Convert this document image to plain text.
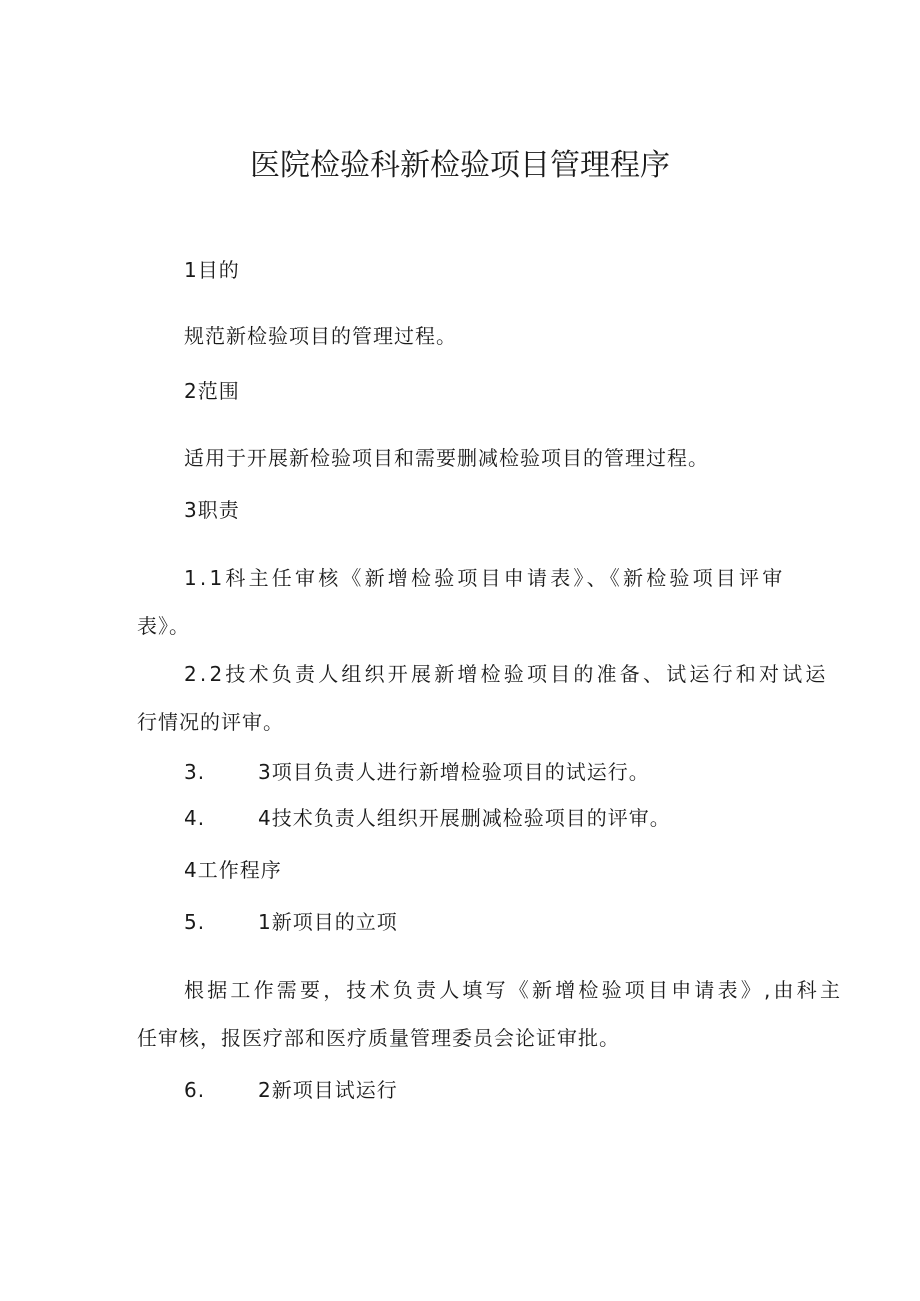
医院检验科新检验项目管理程序
1目的
规范新检验项目的管理过程。
2范围
适用于开展新检验项目和需要删减检验项目的管理过程。
3职责
1.1科主任审核《新增检验项目申请表》、《新检验项目评审
表》。
2.2技术负责人组织开展新增检验项目的准备、试运行和对试运
行情况的评审。
3.	3项目负责人进行新增检验项目的试运行。
4.	4技术负责人组织开展删减检验项目的评审。
4工作程序
5.	1新项目的立项
根据工作需要，技术负责人填写《新增检验项目申请表》,由科主
任审核，报医疗部和医疗质量管理委员会论证审批。
6.	2新项目试运行
